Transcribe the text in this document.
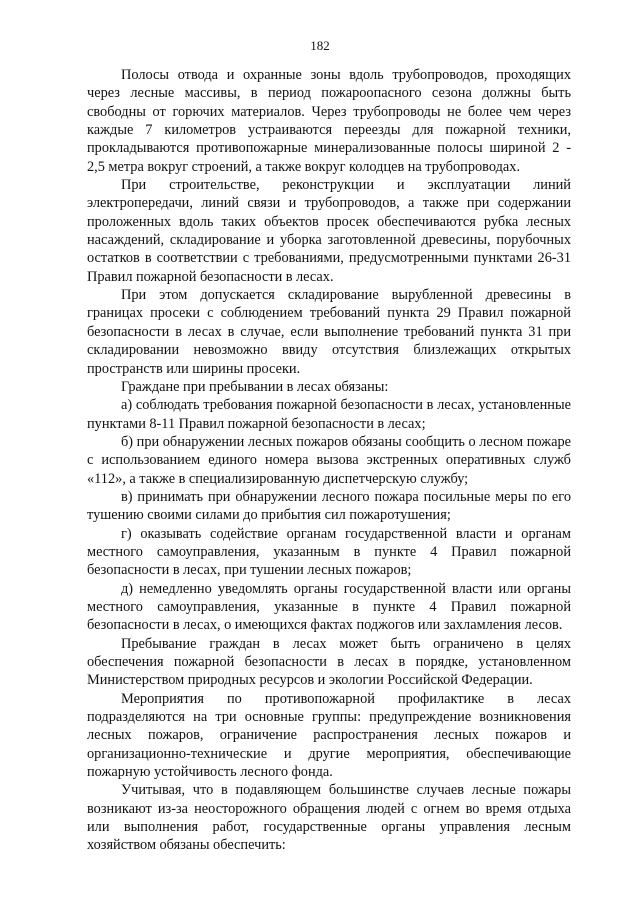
182

Полосы отвода и охранные зоны вдоль трубопроводов, проходящих через лесные массивы, в период пожароопасного сезона должны быть свободны от горючих материалов. Через трубопроводы не более чем через каждые 7 километров устраиваются переезды для пожарной техники, прокладываются противопожарные минерализованные полосы шириной 2 - 2,5 метра вокруг строений, а также вокруг колодцев на трубопроводах.

При строительстве, реконструкции и эксплуатации линий электропередачи, линий связи и трубопроводов, а также при содержании проложенных вдоль таких объектов просек обеспечиваются рубка лесных насаждений, складирование и уборка заготовленной древесины, порубочных остатков в соответствии с требованиями, предусмотренными пунктами 26-31 Правил пожарной безопасности в лесах.

При этом допускается складирование вырубленной древесины в границах просеки с соблюдением требований пункта 29 Правил пожарной безопасности в лесах в случае, если выполнение требований пункта 31 при складировании невозможно ввиду отсутствия близлежащих открытых пространств или ширины просеки.

Граждане при пребывании в лесах обязаны:

а) соблюдать требования пожарной безопасности в лесах, установленные пунктами 8-11 Правил пожарной безопасности в лесах;

б) при обнаружении лесных пожаров обязаны сообщить о лесном пожаре с использованием единого номера вызова экстренных оперативных служб «112», а также в специализированную диспетчерскую службу;

в) принимать при обнаружении лесного пожара посильные меры по его тушению своими силами до прибытия сил пожаротушения;

г) оказывать содействие органам государственной власти и органам местного самоуправления, указанным в пункте 4 Правил пожарной безопасности в лесах, при тушении лесных пожаров;

д) немедленно уведомлять органы государственной власти или органы местного самоуправления, указанные в пункте 4 Правил пожарной безопасности в лесах, о имеющихся фактах поджогов или захламления лесов.

Пребывание граждан в лесах может быть ограничено в целях обеспечения пожарной безопасности в лесах в порядке, установленном Министерством природных ресурсов и экологии Российской Федерации.

Мероприятия по противопожарной профилактике в лесах подразделяются на три основные группы: предупреждение возникновения лесных пожаров, ограничение распространения лесных пожаров и организационно-технические и другие мероприятия, обеспечивающие пожарную устойчивость лесного фонда.

Учитывая, что в подавляющем большинстве случаев лесные пожары возникают из-за неосторожного обращения людей с огнем во время отдыха или выполнения работ, государственные органы управления лесным хозяйством обязаны обеспечить:
